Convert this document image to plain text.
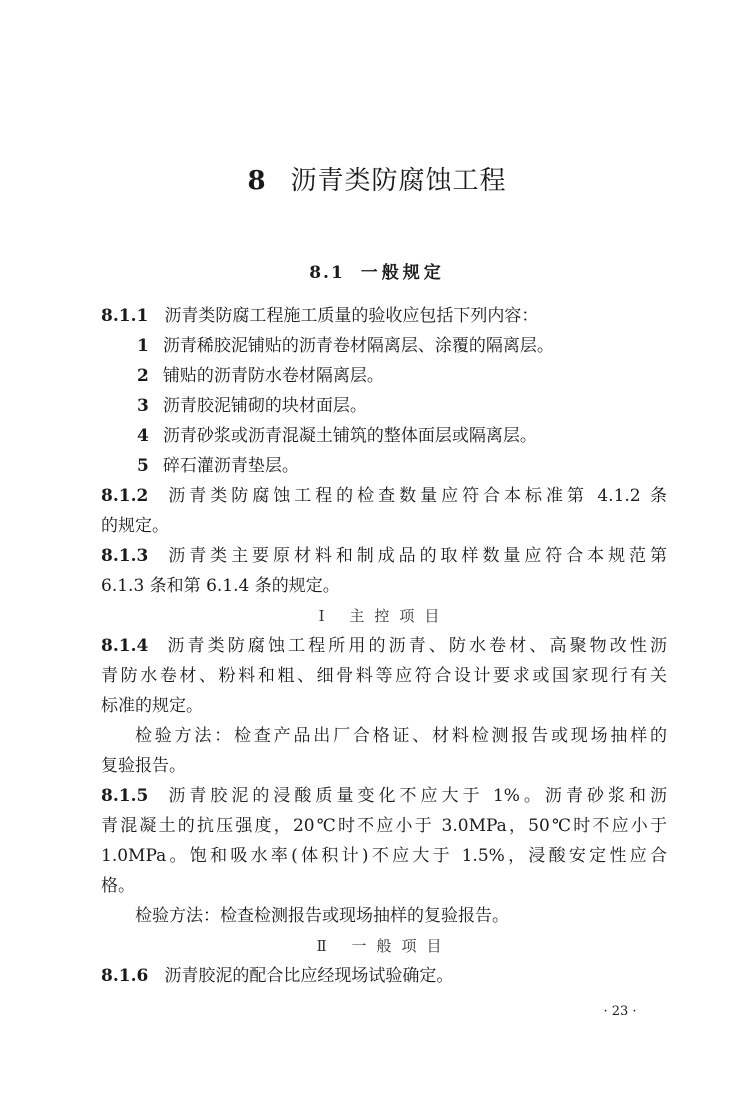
8 沥青类防腐蚀工程
8.1 一般规定
8.1.1 沥青类防腐工程施工质量的验收应包括下列内容：
1 沥青稀胶泥铺贴的沥青卷材隔离层、涂覆的隔离层。
2 铺贴的沥青防水卷材隔离层。
3 沥青胶泥铺砌的块材面层。
4 沥青砂浆或沥青混凝土铺筑的整体面层或隔离层。
5 碎石灌沥青垫层。
8.1.2 沥青类防腐蚀工程的检查数量应符合本标准第 4.1.2 条
的规定。
8.1.3 沥青类主要原材料和制成品的取样数量应符合本规范第
6.1.3 条和第 6.1.4 条的规定。
Ⅰ 主控项目
8.1.4 沥青类防腐蚀工程所用的沥青、防水卷材、高聚物改性沥
青防水卷材、粉料和粗、细骨料等应符合设计要求或国家现行有关
标准的规定。
检验方法：检查产品出厂合格证、材料检测报告或现场抽样的
复验报告。
8.1.5 沥青胶泥的浸酸质量变化不应大于 1%。沥青砂浆和沥
青混凝土的抗压强度，20℃时不应小于 3.0MPa，50℃时不应小于
1.0MPa。饱和吸水率(体积计)不应大于 1.5%，浸酸安定性应合
格。
检验方法：检查检测报告或现场抽样的复验报告。
Ⅱ 一般项目
8.1.6 沥青胶泥的配合比应经现场试验确定。
· 23 ·
